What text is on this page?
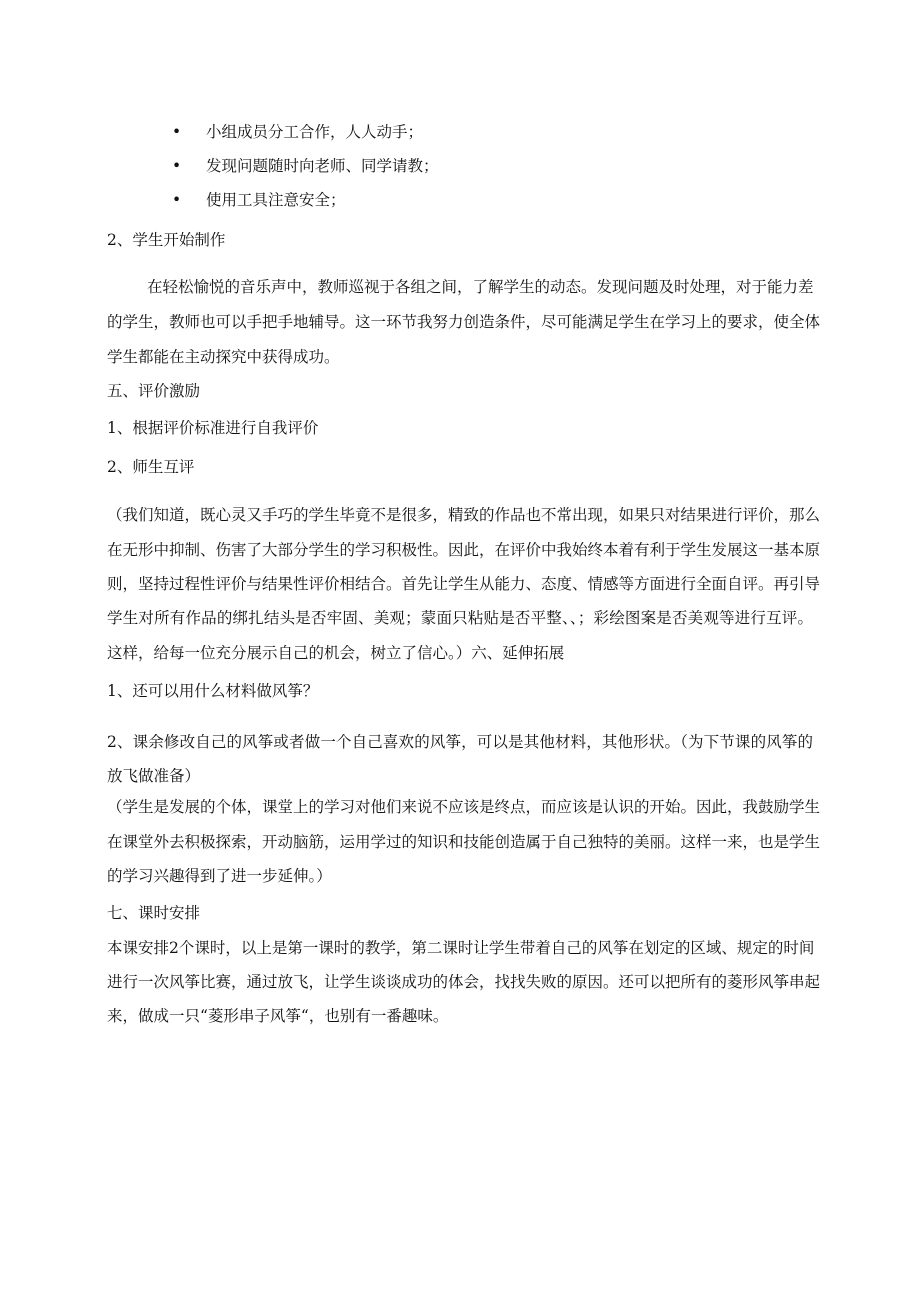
• 小组成员分工合作，人人动手；
• 发现问题随时向老师、同学请教；
• 使用工具注意安全；

2、学生开始制作

在轻松愉悦的音乐声中，教师巡视于各组之间，了解学生的动态。发现问题及时处理，对于能力差

的学生，教师也可以手把手地辅导。这一环节我努力创造条件，尽可能满足学生在学习上的要求，使全体

学生都能在主动探究中获得成功。

五、评价激励

1、根据评价标准进行自我评价

2、师生互评

（我们知道，既心灵又手巧的学生毕竟不是很多，精致的作品也不常出现，如果只对结果进行评价，那么

在无形中抑制、伤害了大部分学生的学习积极性。因此，在评价中我始终本着有利于学生发展这一基本原

则，坚持过程性评价与结果性评价相结合。首先让学生从能力、态度、情感等方面进行全面自评。再引导

学生对所有作品的绑扎结头是否牢固、美观；蒙面只粘贴是否平整、、；彩绘图案是否美观等进行互评。

这样，给每一位充分展示自己的机会，树立了信心。）六、延伸拓展

1、还可以用什么材料做风筝？

2、课余修改自己的风筝或者做一个自己喜欢的风筝，可以是其他材料，其他形状。（为下节课的风筝的

放飞做准备）

（学生是发展的个体，课堂上的学习对他们来说不应该是终点，而应该是认识的开始。因此，我鼓励学生

在课堂外去积极探索，开动脑筋，运用学过的知识和技能创造属于自己独特的美丽。这样一来，也是学生

的学习兴趣得到了进一步延伸。）

七、课时安排

本课安排2个课时，以上是第一课时的教学，第二课时让学生带着自己的风筝在划定的区域、规定的时间

进行一次风筝比赛，通过放飞，让学生谈谈成功的体会，找找失败的原因。还可以把所有的菱形风筝串起

来，做成一只“菱形串子风筝“，也别有一番趣味。
